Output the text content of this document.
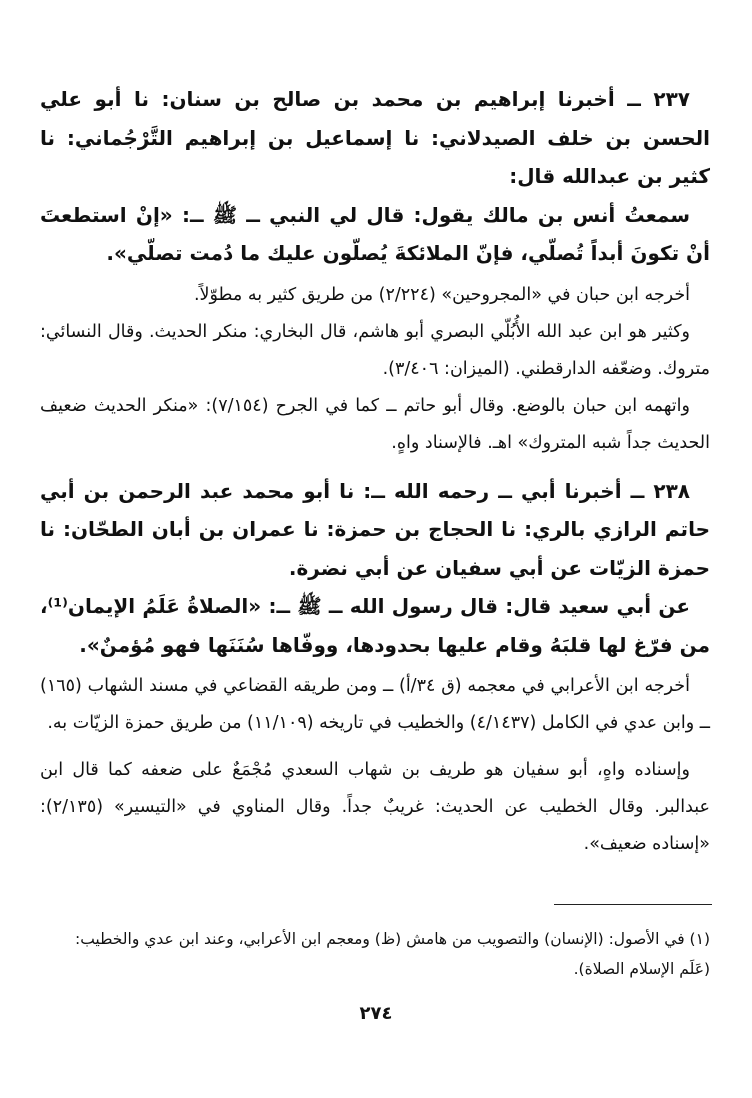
٢٣٧ ــ أخبرنا إبراهيم بن محمد بن صالح بن سنان: نا أبو علي الحسن بن خلف الصيدلاني: نا إسماعيل بن إبراهيم التَّرْجُماني: نا كثير بن عبدالله قال:

سمعتُ أنس بن مالك يقول: قال لي النبي ــ ﷺ ــ: «إنْ استطعتَ أنْ تكونَ أبداً تُصلّي، فإنّ الملائكةَ يُصلّون عليك ما دُمت تصلّي».

أخرجه ابن حبان في «المجروحين» (٢/٢٢٤) من طريق كثير به مطوّلاً.

وكثير هو ابن عبد الله الأُبُلّي البصري أبو هاشم، قال البخاري: منكر الحديث. وقال النسائي: متروك. وضعّفه الدارقطني. (الميزان: ٣/٤٠٦).

واتهمه ابن حبان بالوضع. وقال أبو حاتم ــ كما في الجرح (٧/١٥٤): «منكر الحديث ضعيف الحديث جداً شبه المتروك» اهـ. فالإسناد واهٍ.

٢٣٨ ــ أخبرنا أبي ــ رحمه الله ــ: نا أبو محمد عبد الرحمن بن أبي حاتم الرازي بالري: نا الحجاج بن حمزة: نا عمران بن أبان الطحّان: نا حمزة الزيّات عن أبي سفيان عن أبي نضرة.

عن أبي سعيد قال: قال رسول الله ــ ﷺ ــ: «الصلاةُ عَلَمُ الإيمان⁽¹⁾، من فرّغ لها قلبَهُ وقام عليها بحدودها، ووفّاها سُنَنَها فهو مُؤمنٌ».

أخرجه ابن الأعرابي في معجمه (ق ٣٤/أ) ــ ومن طريقه القضاعي في مسند الشهاب (١٦٥) ــ وابن عدي في الكامل (٤/١٤٣٧) والخطيب في تاريخه (١١/١٠٩) من طريق حمزة الزيّات به.

وإسناده واهٍ، أبو سفيان هو طريف بن شهاب السعدي مُجْمَعٌ على ضعفه كما قال ابن عبدالبر. وقال الخطيب عن الحديث: غريبٌ جداً. وقال المناوي في «التيسير» (٢/١٣٥): «إسناده ضعيف».

(١) في الأصول: (الإنسان) والتصويب من هامش (ظ) ومعجم ابن الأعرابي، وعند ابن عدي والخطيب: (عَلَم الإسلام الصلاة).

٢٧٤
